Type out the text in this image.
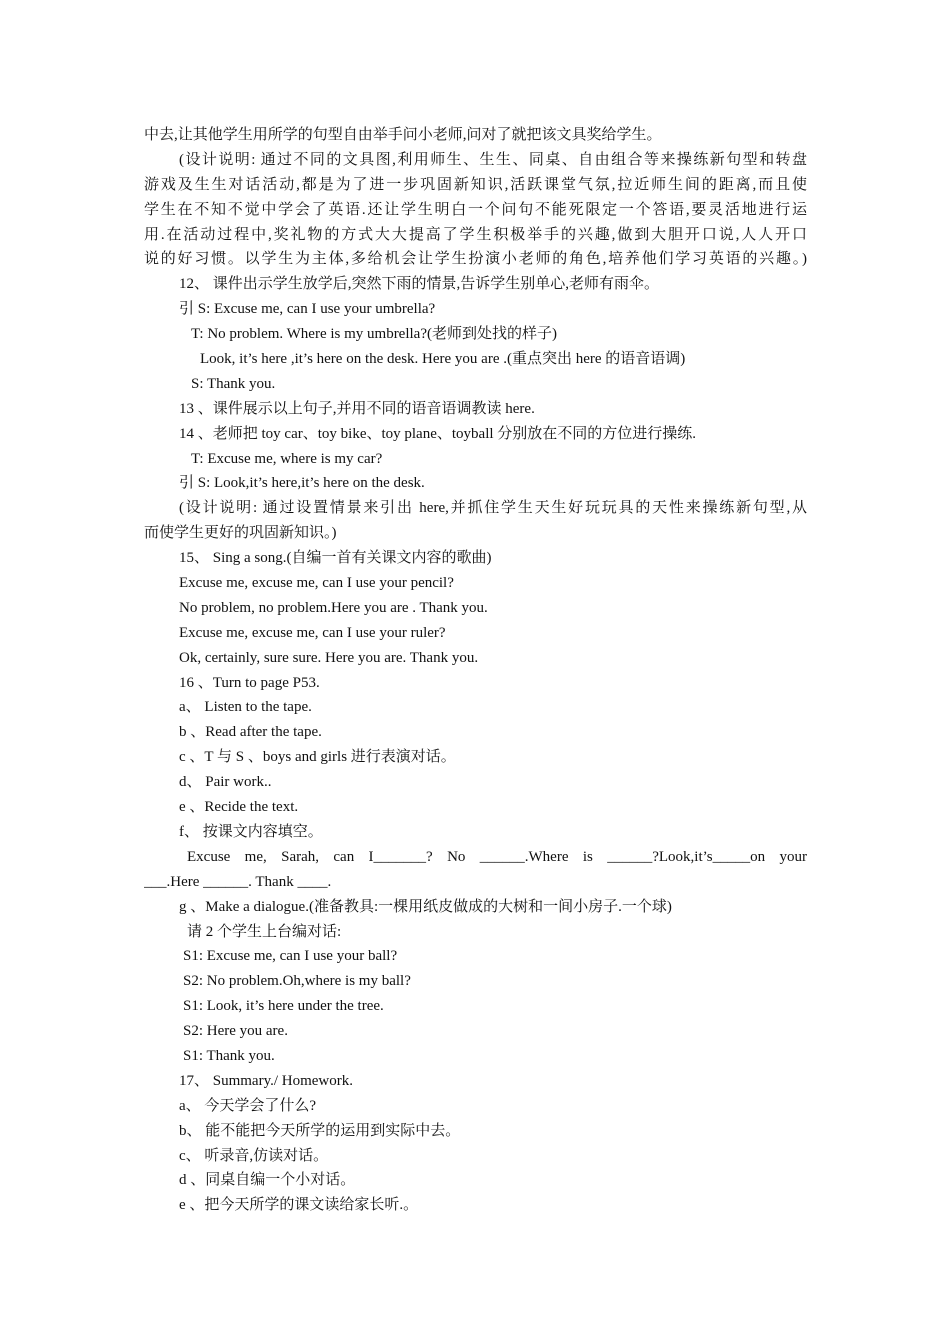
中去,让其他学生用所学的句型自由举手问小老师,问对了就把该文具奖给学生。
(设计说明: 通过不同的文具图,利用师生、生生、同桌、自由组合等来操练新句型和转盘
游戏及生生对话活动,都是为了进一步巩固新知识,活跃课堂气氛,拉近师生间的距离,而且使
学生在不知不觉中学会了英语.还让学生明白一个问句不能死限定一个答语,要灵活地进行运
用.在活动过程中,奖礼物的方式大大提高了学生积极举手的兴趣,做到大胆开口说,人人开口
说的好习惯。以学生为主体,多给机会让学生扮演小老师的角色,培养他们学习英语的兴趣。)
12、 课件出示学生放学后,突然下雨的情景,告诉学生别单心,老师有雨伞。
引 S: Excuse me, can I use your umbrella?
T: No problem. Where is my umbrella?(老师到处找的样子)
Look, it’s here ,it’s here on the desk. Here you are .(重点突出 here 的语音语调)
S: Thank you.
13 、课件展示以上句子,并用不同的语音语调教读 here.
14 、老师把 toy car、toy bike、toy plane、toyball 分别放在不同的方位进行操练.
T: Excuse me, where is my car?
引 S: Look,it’s here,it’s here on the desk.
(设计说明: 通过设置情景来引出 here,并抓住学生天生好玩玩具的天性来操练新句型,从
而使学生更好的巩固新知识。)
15、 Sing a song.(自编一首有关课文内容的歌曲)
Excuse me, excuse me, can I use your pencil?
No problem, no problem.Here you are . Thank you.
Excuse me, excuse me, can I use your ruler?
Ok, certainly, sure sure. Here you are. Thank you.
16 、Turn to page P53.
a、 Listen to the tape.
b 、Read after the tape.
c 、T 与 S 、boys and girls 进行表演对话。
d、 Pair work..
e 、Recide the text.
f、 按课文内容填空。
Excuse me, Sarah, can I_______? No ______.Where is ______?Look,it’s_____on your
___.Here ______. Thank ____.
g 、Make a dialogue.(准备教具:一棵用纸皮做成的大树和一间小房子.一个球)
请 2 个学生上台编对话:
S1: Excuse me, can I use your ball?
S2: No problem.Oh,where is my ball?
S1: Look, it’s here under the tree.
S2: Here you are.
S1: Thank you.
17、 Summary./ Homework.
a、 今天学会了什么?
b、 能不能把今天所学的运用到实际中去。
c、 听录音,仿读对话。
d 、同桌自编一个小对话。
e 、把今天所学的课文读给家长听.。
